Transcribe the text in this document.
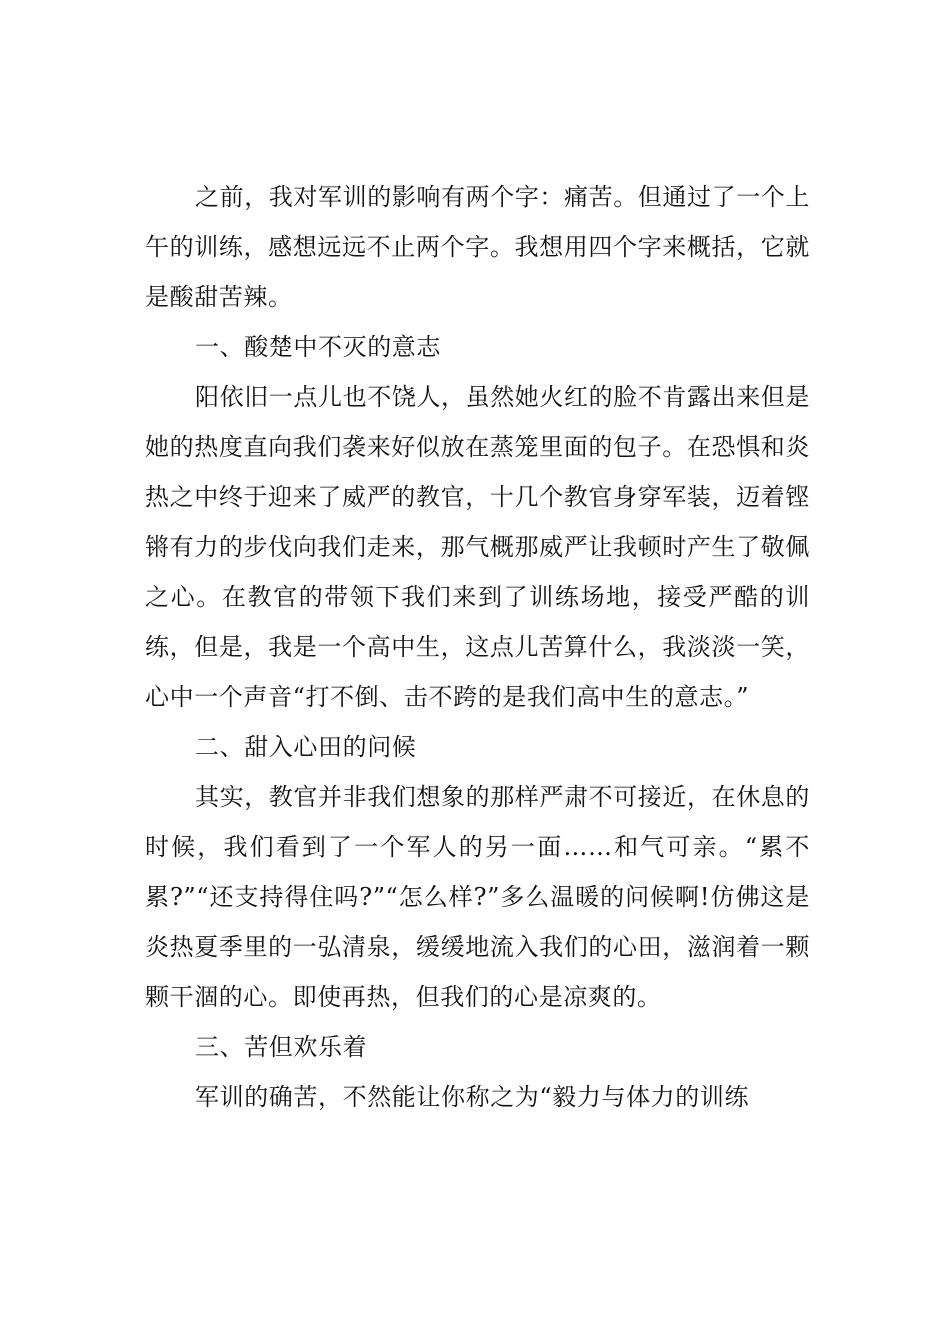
之前，我对军训的影响有两个字：痛苦。但通过了一个上午的训练，感想远远不止两个字。我想用四个字来概括，它就是酸甜苦辣。

一、酸楚中不灭的意志

阳依旧一点儿也不饶人，虽然她火红的脸不肯露出来但是她的热度直向我们袭来好似放在蒸笼里面的包子。在恐惧和炎热之中终于迎来了威严的教官，十几个教官身穿军装，迈着铿锵有力的步伐向我们走来，那气概那威严让我顿时产生了敬佩之心。在教官的带领下我们来到了训练场地，接受严酷的训练，但是，我是一个高中生，这点儿苦算什么，我淡淡一笑，心中一个声音“打不倒、击不跨的是我们高中生的意志。”

二、甜入心田的问候

其实，教官并非我们想象的那样严肃不可接近，在休息的时候，我们看到了一个军人的另一面……和气可亲。“累不累?”“还支持得住吗?”“怎么样?”多么温暖的问候啊!仿佛这是炎热夏季里的一弘清泉，缓缓地流入我们的心田，滋润着一颗颗干涸的心。即使再热，但我们的心是凉爽的。

三、苦但欢乐着

军训的确苦，不然能让你称之为“毅力与体力的训练
